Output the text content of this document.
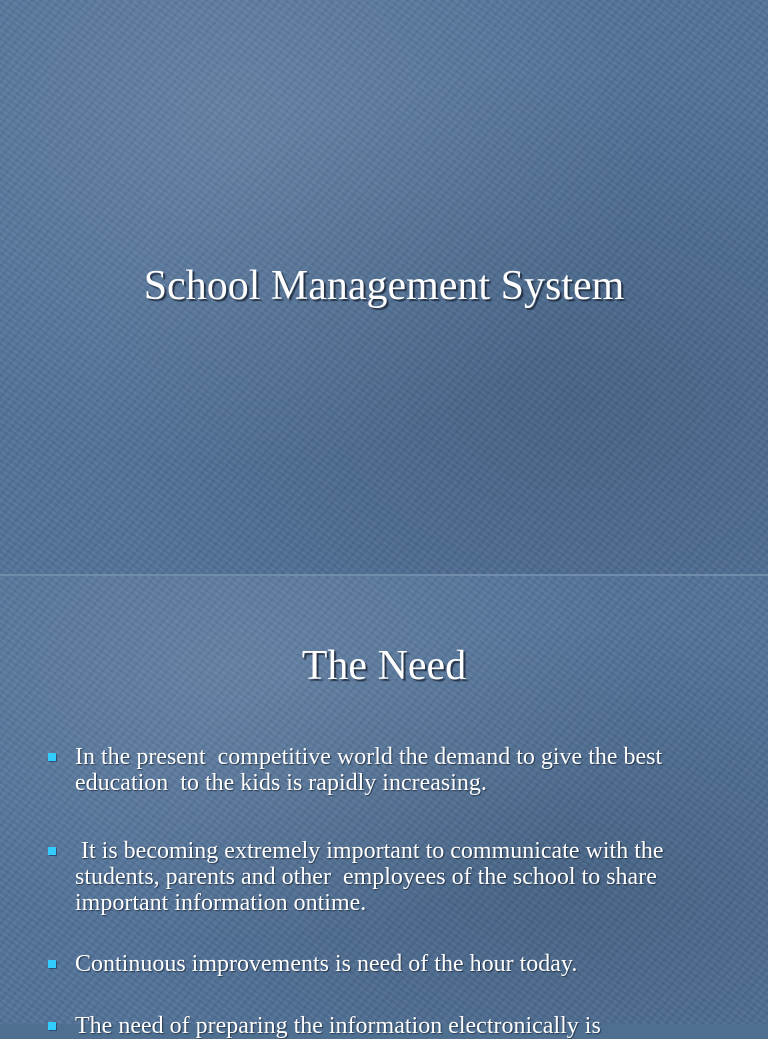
School Management System
The Need
In the present  competitive world the demand to give the best education  to the kids is rapidly increasing.
It is becoming extremely important to communicate with the students, parents and other  employees of the school to share important information ontime.
Continuous improvements is need of the hour today.
The need of preparing the information electronically is
